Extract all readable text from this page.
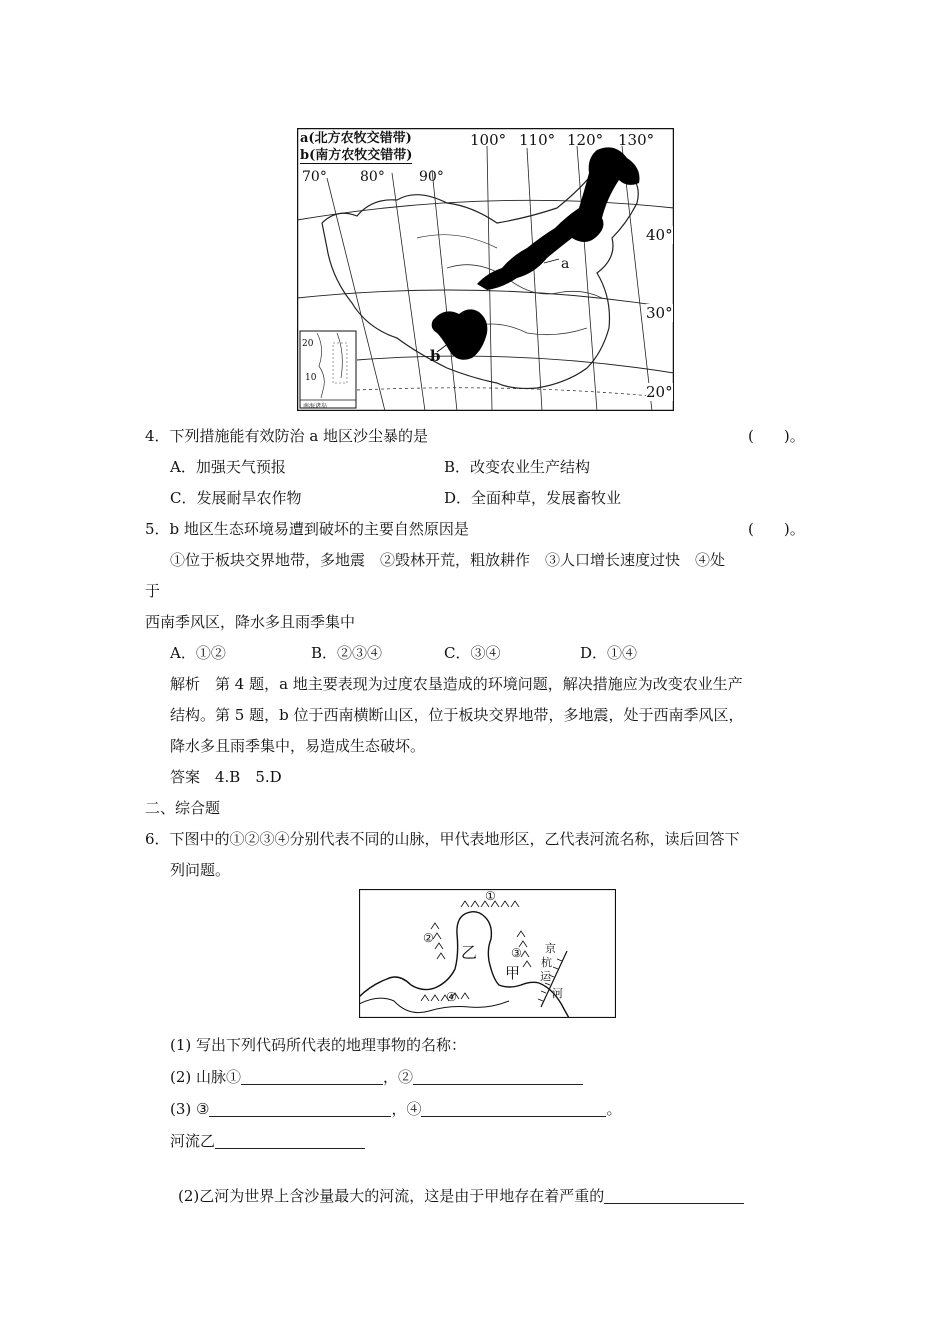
a(北方农牧交错带)
b(南方农牧交错带)
100° 110° 120° 130°
70° 80° 90°
40°
30°
20°
a
b
20
10
南海诸岛
4．下列措施能有效防治 a 地区沙尘暴的是	(　　)。
A．加强天气预报	B．改变农业生产结构
C．发展耐旱农作物	D．全面种草，发展畜牧业
5．b 地区生态环境易遭到破坏的主要自然原因是	(　　)。
①位于板块交界地带，多地震　②毁林开荒，粗放耕作　③人口增长速度过快　④处
于
西南季风区，降水多且雨季集中
A．①②	B．②③④	C．③④	D．①④
解析　第 4 题，a 地主要表现为过度农垦造成的环境问题，解决措施应为改变农业生产
结构。第 5 题，b 位于西南横断山区，位于板块交界地带，多地震，处于西南季风区，
降水多且雨季集中，易造成生态破坏。
答案　4.B　5.D
二、综合题
6．下图中的①②③④分别代表不同的山脉，甲代表地形区，乙代表河流名称，读后回答下
列问题。
①
②
③
④
乙
甲
京
杭
运
河
(1) 写出下列代码所代表的地理事物的名称：
(2) 山脉①	，②
(3) ③	，④	。
河流乙
(2)乙河为世界上含沙量最大的河流，这是由于甲地存在着严重的
